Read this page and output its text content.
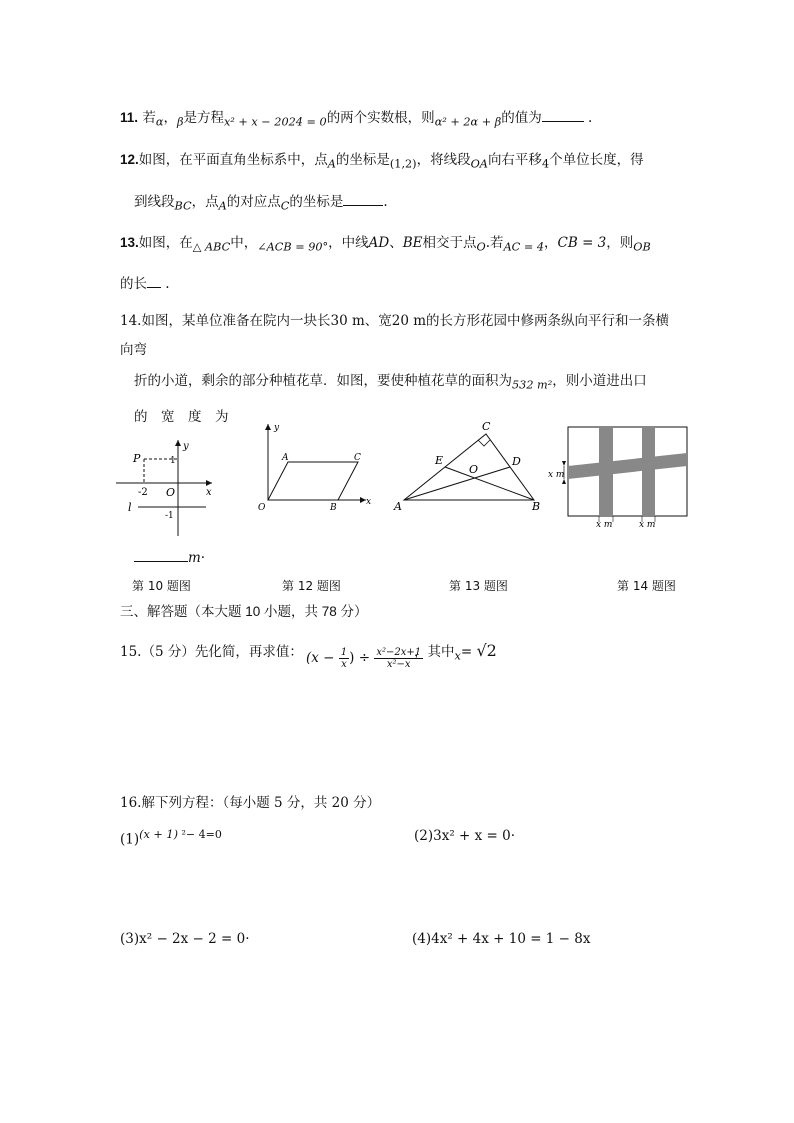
11. 若$_\alpha$，$_\beta$是方程$_{x^2 + x - 2024 = 0}$的两个实数根，则$_{\alpha^2 + 2\alpha + \beta}$的值为	.
12.如图，在平面直角坐标系中，点$_A$的坐标是$_{(1,2)}$，将线段$_{OA}$向右平移$_4$个单位长度，得
到线段$_{BC}$，点$_A$的对应点$_C$的坐标是	.
13.如图，在$_{\triangle ABC}$中，$_{\angle ACB = 90^\circ}$，中线AD、BE相交于点$_O$.若$_{AC = 4}$，CB = 3，则$_{OB}$
的长 .
14.如图，某单位准备在院内一块长30 m、宽20 m的长方形花园中修两条纵向平行和一条横
向弯
折的小道，剩余的部分种植花草．如图，要使种植花草的面积为$_{532 m^2}$，则小道进出口
的　宽　度　为
P
y
x
1
-2 O
l
-1
y
x
O
A
B
C
A	B
C
D
E
O	x m
x m	x m
m·
第 10 题图	第 12 题图	第 13 题图	第 14 题图
三、解答题（本大题 10 小题，共 78 分）
15.（5 分）先化简，再求值： ($x - \frac{1}{x}$ ) ÷ $\frac{\text{x²−2x+1}}{\text{x²−x}}$
，其中$_x$= √2
16.解下列方程：（每小题 5 分，共 20 分）
$(1)^{(x + 1)}$ $^{^2- 4=0}$	(2)3x² + x = 0·
(3)x² − 2x − 2 = 0·	(4)4x² + 4x + 10 = 1 − 8x
